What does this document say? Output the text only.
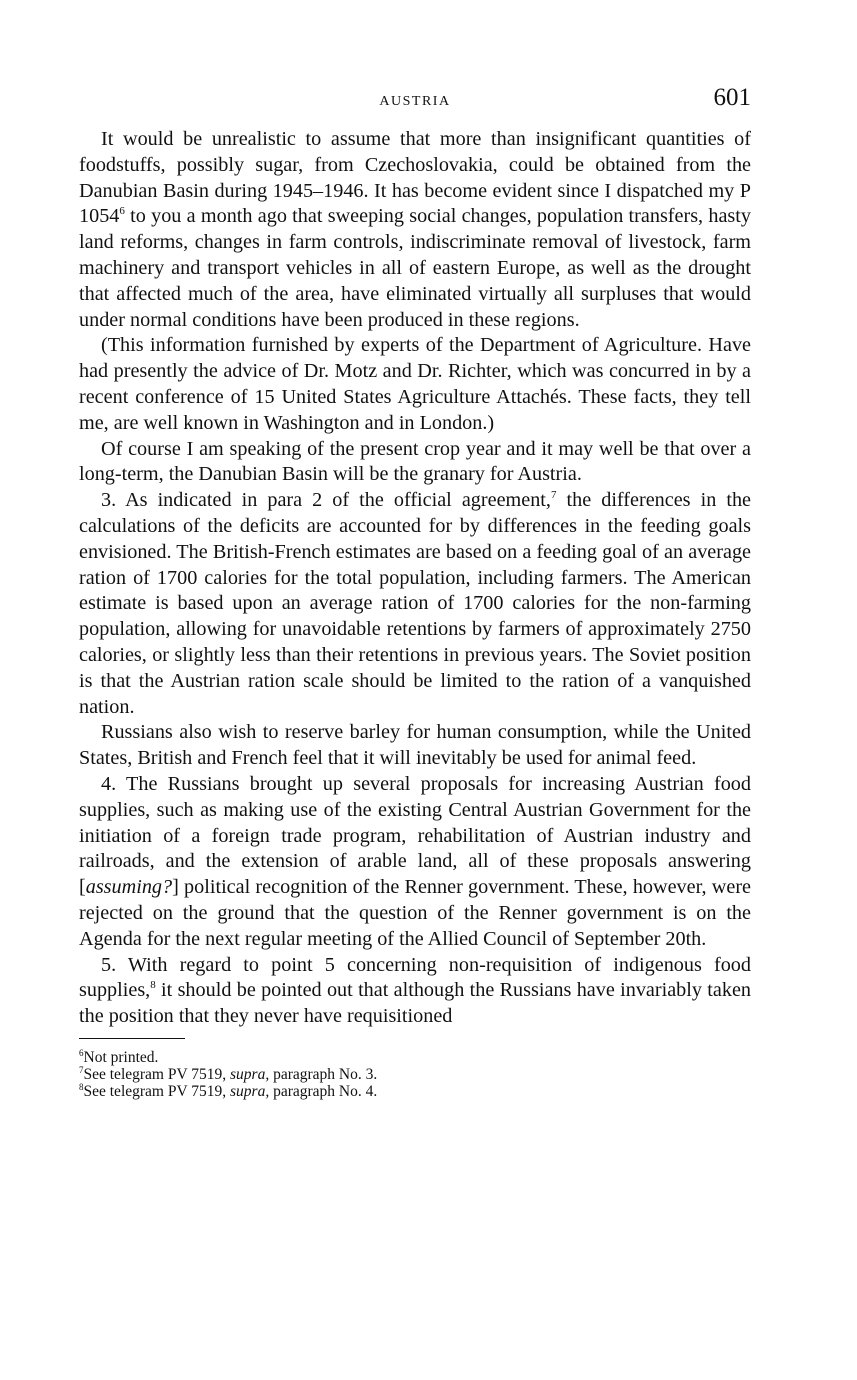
AUSTRIA	601

It would be unrealistic to assume that more than insignificant quantities of foodstuffs, possibly sugar, from Czechoslovakia, could be obtained from the Danubian Basin during 1945–1946. It has become evident since I dispatched my P 1054$^6$ to you a month ago that sweeping social changes, population transfers, hasty land reforms, changes in farm controls, indiscriminate removal of livestock, farm machinery and transport vehicles in all of eastern Europe, as well as the drought that affected much of the area, have eliminated virtually all surpluses that would under normal conditions have been produced in these regions.

(This information furnished by experts of the Department of Agriculture. Have had presently the advice of Dr. Motz and Dr. Richter, which was concurred in by a recent conference of 15 United States Agriculture Attachés. These facts, they tell me, are well known in Washington and in London.)

Of course I am speaking of the present crop year and it may well be that over a long-term, the Danubian Basin will be the granary for Austria.

3. As indicated in para 2 of the official agreement,$^7$ the differences in the calculations of the deficits are accounted for by differences in the feeding goals envisioned. The British-French estimates are based on a feeding goal of an average ration of 1700 calories for the total population, including farmers. The American estimate is based upon an average ration of 1700 calories for the non-farming population, allowing for unavoidable retentions by farmers of approximately 2750 calories, or slightly less than their retentions in previous years. The Soviet position is that the Austrian ration scale should be limited to the ration of a vanquished nation.

Russians also wish to reserve barley for human consumption, while the United States, British and French feel that it will inevitably be used for animal feed.

4. The Russians brought up several proposals for increasing Austrian food supplies, such as making use of the existing Central Austrian Government for the initiation of a foreign trade program, rehabilitation of Austrian industry and railroads, and the extension of arable land, all of these proposals answering [assuming?] political recognition of the Renner government. These, however, were rejected on the ground that the question of the Renner government is on the Agenda for the next regular meeting of the Allied Council of September 20th.

5. With regard to point 5 concerning non-requisition of indigenous food supplies,$^8$ it should be pointed out that although the Russians have invariably taken the position that they never have requisitioned

$^6$Not printed.

$^7$See telegram PV 7519, supra, paragraph No. 3.

$^8$See telegram PV 7519, supra, paragraph No. 4.
